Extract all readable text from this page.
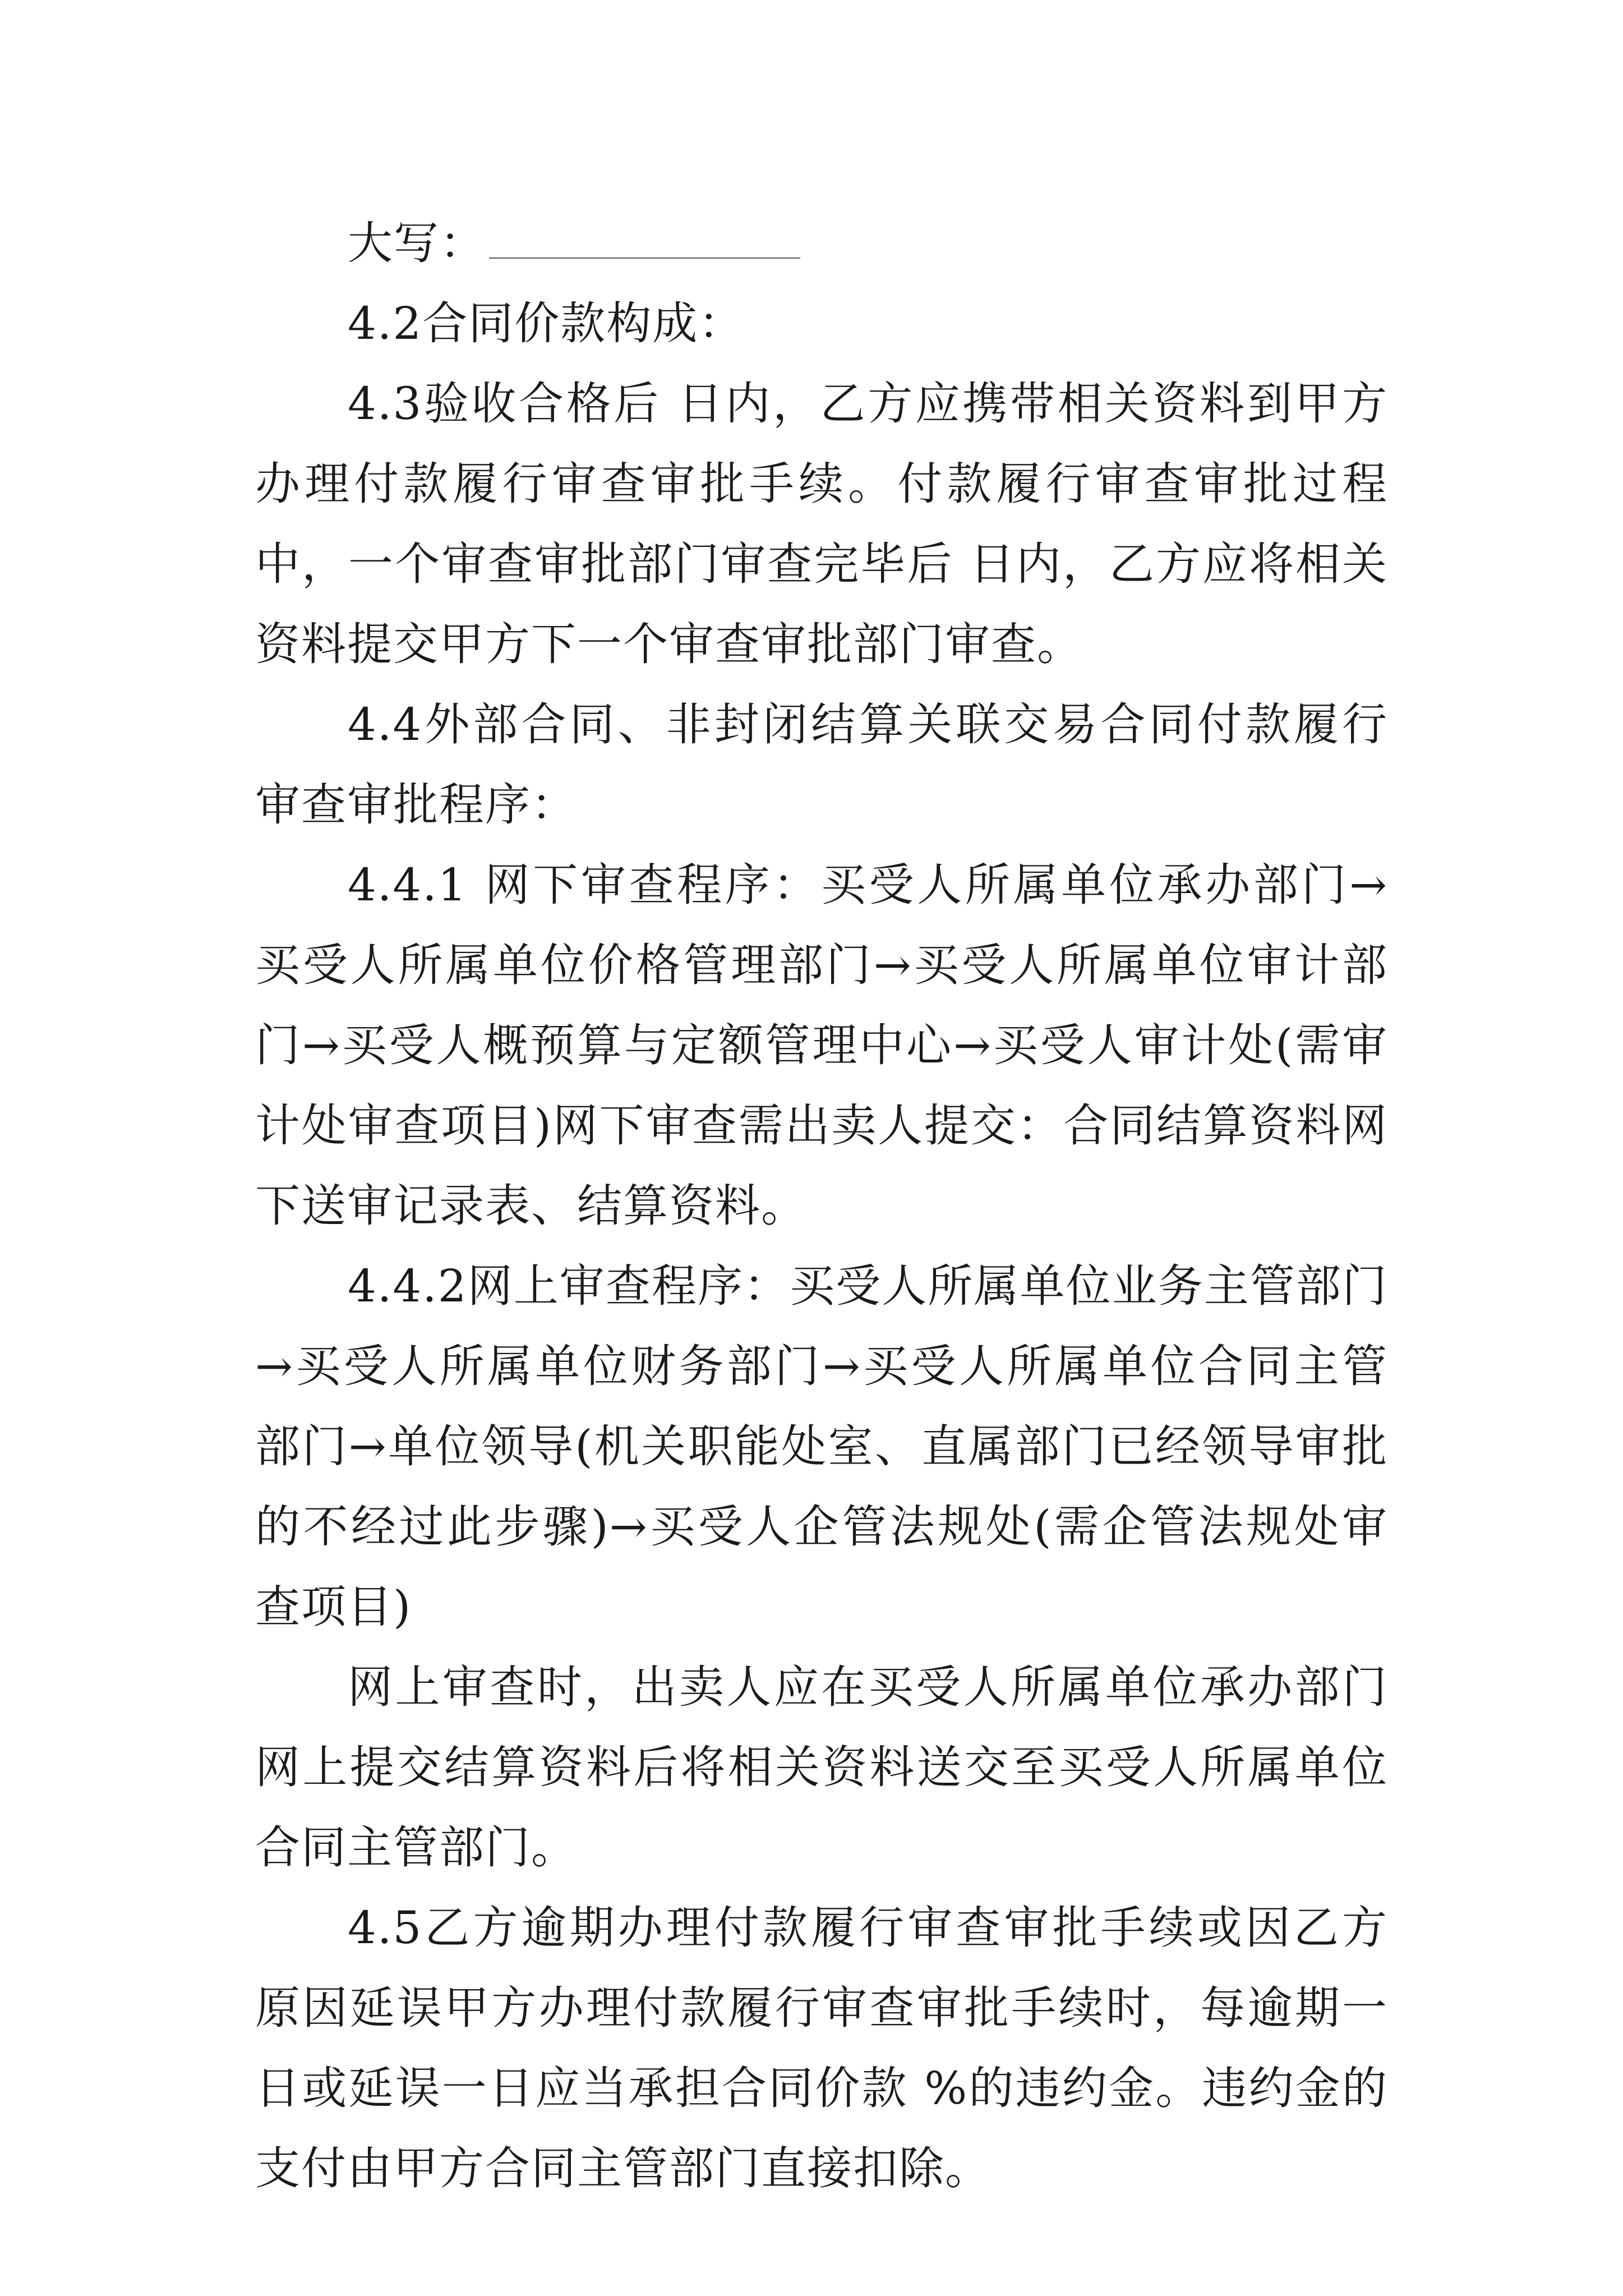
大写：

4.2合同价款构成：

4.3验收合格后 日内，乙方应携带相关资料到甲方办理付款履行审查审批手续。付款履行审查审批过程中，一个审查审批部门审查完毕后 日内，乙方应将相关资料提交甲方下一个审查审批部门审查。

4.4外部合同、非封闭结算关联交易合同付款履行审查审批程序：

4.4.1 网下审查程序：买受人所属单位承办部门→买受人所属单位价格管理部门→买受人所属单位审计部门→买受人概预算与定额管理中心→买受人审计处(需审计处审查项目)网下审查需出卖人提交：合同结算资料网下送审记录表、结算资料。

4.4.2网上审查程序：买受人所属单位业务主管部门→买受人所属单位财务部门→买受人所属单位合同主管部门→单位领导(机关职能处室、直属部门已经领导审批的不经过此步骤)→买受人企管法规处(需企管法规处审查项目)

网上审查时，出卖人应在买受人所属单位承办部门网上提交结算资料后将相关资料送交至买受人所属单位合同主管部门。

4.5乙方逾期办理付款履行审查审批手续或因乙方原因延误甲方办理付款履行审查审批手续时，每逾期一日或延误一日应当承担合同价款 %的违约金。违约金的支付由甲方合同主管部门直接扣除。
